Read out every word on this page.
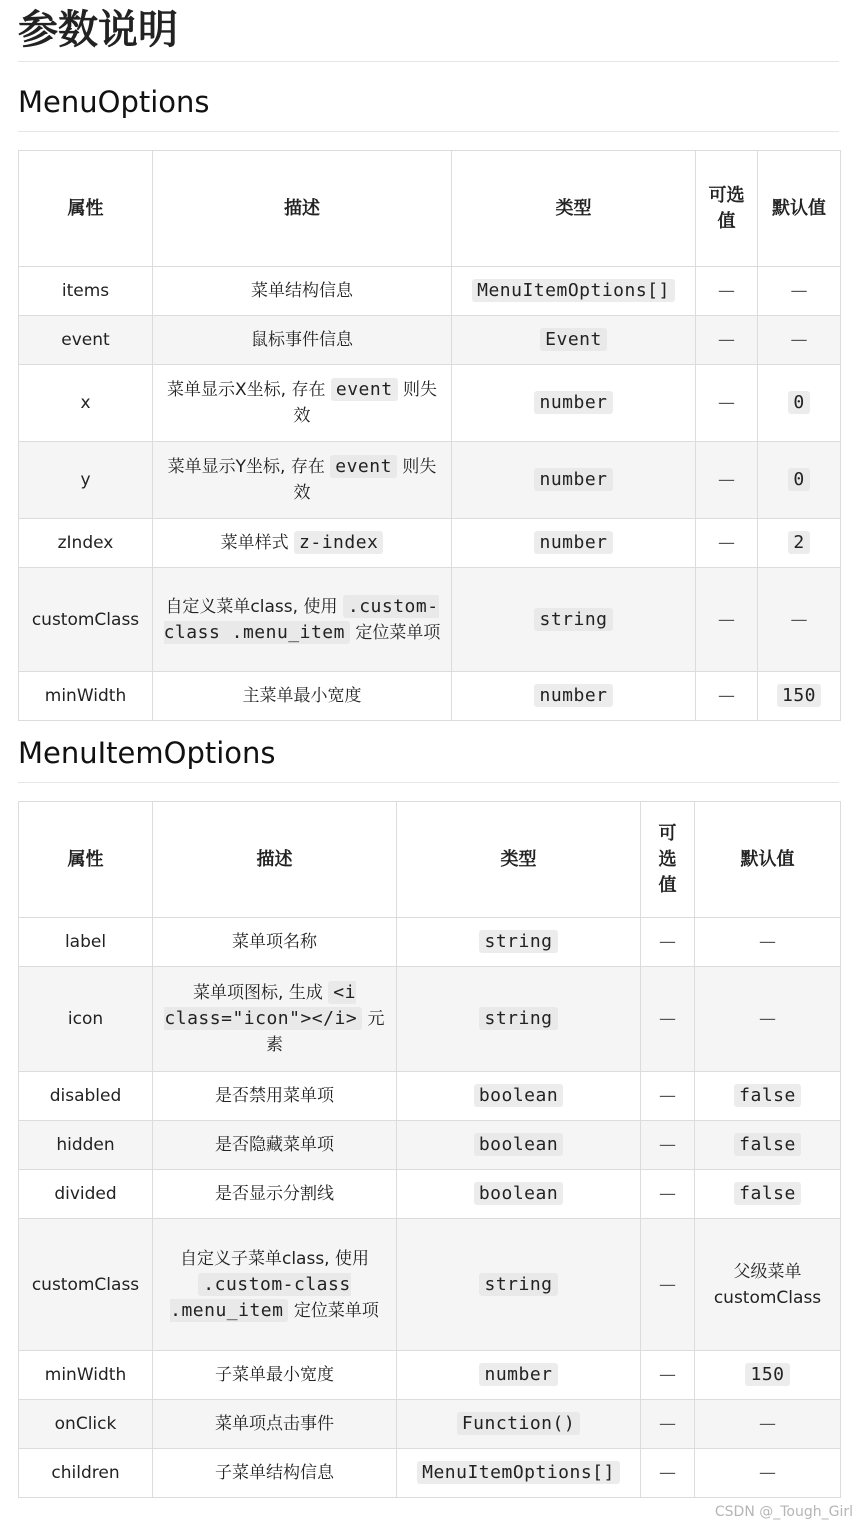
参数说明
MenuOptions
属性	描述	类型	可选值	默认值
items	菜单结构信息	MenuItemOptions[]	—	—
event	鼠标事件信息	Event	—	—
x	菜单显示X坐标, 存在 event 则失效	number	—	0
y	菜单显示Y坐标, 存在 event 则失效	number	—	0
zIndex	菜单样式 z-index	number	—	2
customClass	自定义菜单class, 使用 .custom-class .menu_item 定位菜单项	string	—	—
minWidth	主菜单最小宽度	number	—	150
MenuItemOptions
属性	描述	类型	可选值	默认值
label	菜单项名称	string	—	—
icon	菜单项图标, 生成 <i class="icon"></i> 元素	string	—	—
disabled	是否禁用菜单项	boolean	—	false
hidden	是否隐藏菜单项	boolean	—	false
divided	是否显示分割线	boolean	—	false
customClass	自定义子菜单class, 使用 .custom-class .menu_item 定位菜单项	string	—	父级菜单 customClass
minWidth	子菜单最小宽度	number	—	150
onClick	菜单项点击事件	Function()	—	—
children	子菜单结构信息	MenuItemOptions[]	—	—
CSDN @_Tough_Girl
